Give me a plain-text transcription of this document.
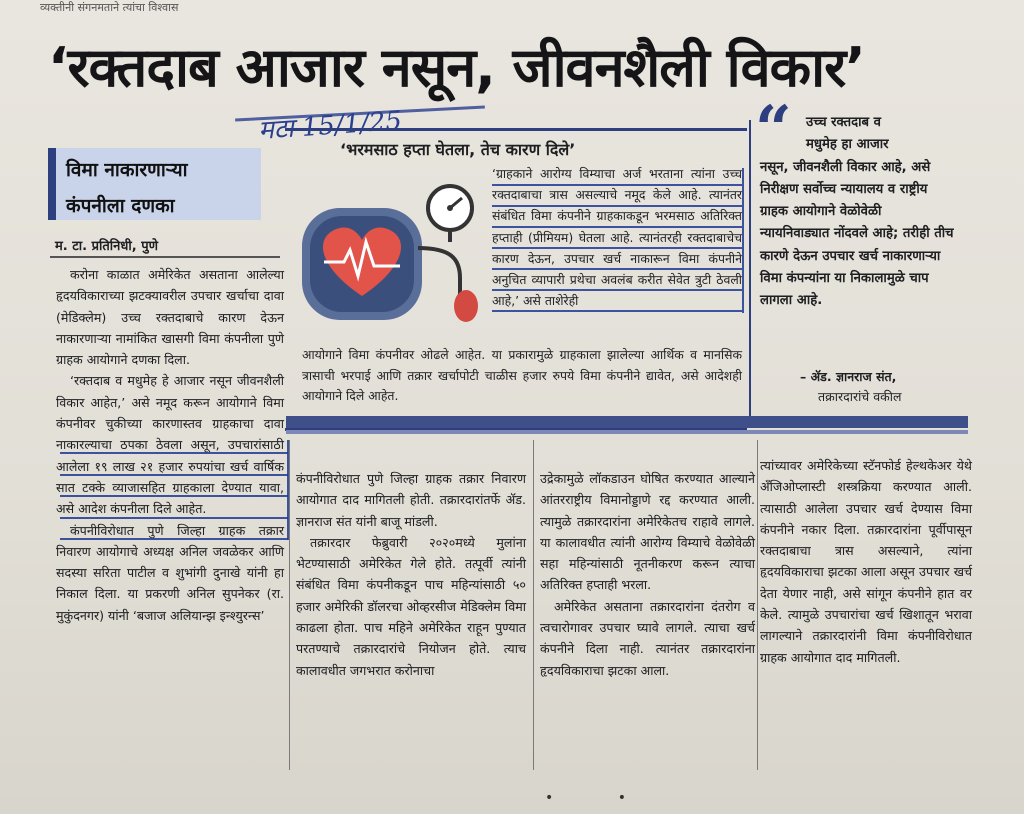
व्यक्तीनी संगनमताने त्यांचा विश्वास
‘रक्तदाब आजार नसून, जीवनशैली विकार’
मटा 15/1/25
विमा नाकारणाऱ्या
कंपनीला दणका
म. टा. प्रतिनिधी, पुणे

करोना काळात अमेरिकेत असताना आलेल्या हृदयविकाराच्या झटक्यावरील उपचार खर्चाचा दावा (मेडिक्लेम) उच्च रक्तदाबाचे कारण देऊन नाकारणाऱ्या नामांकित खासगी विमा कंपनीला पुणे ग्राहक आयोगाने दणका दिला.

‘रक्तदाब व मधुमेह हे आजार नसून जीवनशैली विकार आहेत,’ असे नमूद करून आयोगाने विमा कंपनीवर चुकीच्या कारणास्तव ग्राहकाचा दावा नाकारल्याचा ठपका ठेवला असून, उपचारांसाठी आलेला १९ लाख २१ हजार रुपयांचा खर्च वार्षिक सात टक्के व्याजासहित ग्राहकाला देण्यात यावा, असे आदेश कंपनीला दिले आहेत.

कंपनीविरोधात पुणे जिल्हा ग्राहक तक्रार निवारण आयोगाचे अध्यक्ष अनिल जवळेकर आणि सदस्या सरिता पाटील व शुभांगी दुनाखे यांनी हा निकाल दिला. या प्रकरणी अनिल सुपनेकर (रा. मुकुंदनगर) यांनी ‘बजाज अलियान्झ इन्श्युरन्स’

‘भरमसाठ हप्ता घेतला, तेच कारण दिले’
‘ग्राहकाने आरोग्य विम्याचा अर्ज भरताना त्यांना उच्च रक्तदाबाचा त्रास असल्याचे नमूद केले आहे. त्यानंतर संबंधित विमा कंपनीने ग्राहकाकडून भरमसाठ अतिरिक्त हप्ताही (प्रीमियम) घेतला आहे. त्यानंतरही रक्तदाबाचेच कारण देऊन, उपचार खर्च नाकारून विमा कंपनीने अनुचित व्यापारी प्रथेचा अवलंब करीत सेवेत त्रुटी ठेवली आहे,’ असे ताशेरेही
आयोगाने विमा कंपनीवर ओढले आहेत. या प्रकारामुळे ग्राहकाला झालेल्या आर्थिक व मानसिक त्रासाची भरपाई आणि तक्रार खर्चापोटी चाळीस हजार रुपये विमा कंपनीने द्यावेत, असे आदेशही आयोगाने दिले आहेत.
“	उच्च रक्तदाब व
मधुमेह हा आजार
नसून, जीवनशैली विकार आहे, असे निरीक्षण सर्वोच्च न्यायालय व राष्ट्रीय ग्राहक आयोगाने वेळोवेळी न्यायनिवाड्यात नोंदवले आहे; तरीही तीच कारणे देऊन उपचार खर्च नाकारणाऱ्या विमा कंपन्यांना या निकालामुळे चाप लागला आहे.
– ॲड. ज्ञानराज संत,
तक्रारदारांचे वकील

कंपनीविरोधात पुणे जिल्हा ग्राहक तक्रार निवारण आयोगात दाद मागितली होती. तक्रारदारांतर्फे ॲड. ज्ञानराज संत यांनी बाजू मांडली.

तक्रारदार फेब्रुवारी २०२०मध्ये मुलांना भेटण्यासाठी अमेरिकेत गेले होते. तत्पूर्वी त्यांनी संबंधित विमा कंपनीकडून पाच महिन्यांसाठी ५० हजार अमेरिकी डॉलरचा ओव्हरसीज मेडिक्लेम विमा काढला होता. पाच महिने अमेरिकेत राहून पुण्यात परतण्याचे तक्रारदारांचे नियोजन होते. त्याच कालावधीत जगभरात करोनाचा

उद्रेकामुळे लॉकडाउन घोषित करण्यात आल्याने आंतरराष्ट्रीय विमानोड्डाणे रद्द करण्यात आली. त्यामुळे तक्रारदारांना अमेरिकेतच राहावे लागले. या कालावधीत त्यांनी आरोग्य विम्याचे वेळोवेळी सहा महिन्यांसाठी नूतनीकरण करून त्याचा अतिरिक्त हप्ताही भरला.

अमेरिकेत असताना तक्रारदारांना दंतरोग व त्वचारोगावर उपचार घ्यावे लागले. त्याचा खर्च कंपनीने दिला नाही. त्यानंतर तक्रारदारांना हृदयविकाराचा झटका आला.

त्यांच्यावर अमेरिकेच्या स्टॅनफोर्ड हेल्थकेअर येथे अँजिओप्लास्टी शस्त्रक्रिया करण्यात आली. त्यासाठी आलेला उपचार खर्च देण्यास विमा कंपनीने नकार दिला. तक्रारदारांना पूर्वीपासून रक्तदाबाचा त्रास असल्याने, त्यांना हृदयविकाराचा झटका आला असून उपचार खर्च देता येणार नाही, असे सांगून कंपनीने हात वर केले. त्यामुळे उपचारांचा खर्च खिशातून भरावा लागल्याने तक्रारदारांनी विमा कंपनीविरोधात ग्राहक आयोगात दाद मागितली.

• •
